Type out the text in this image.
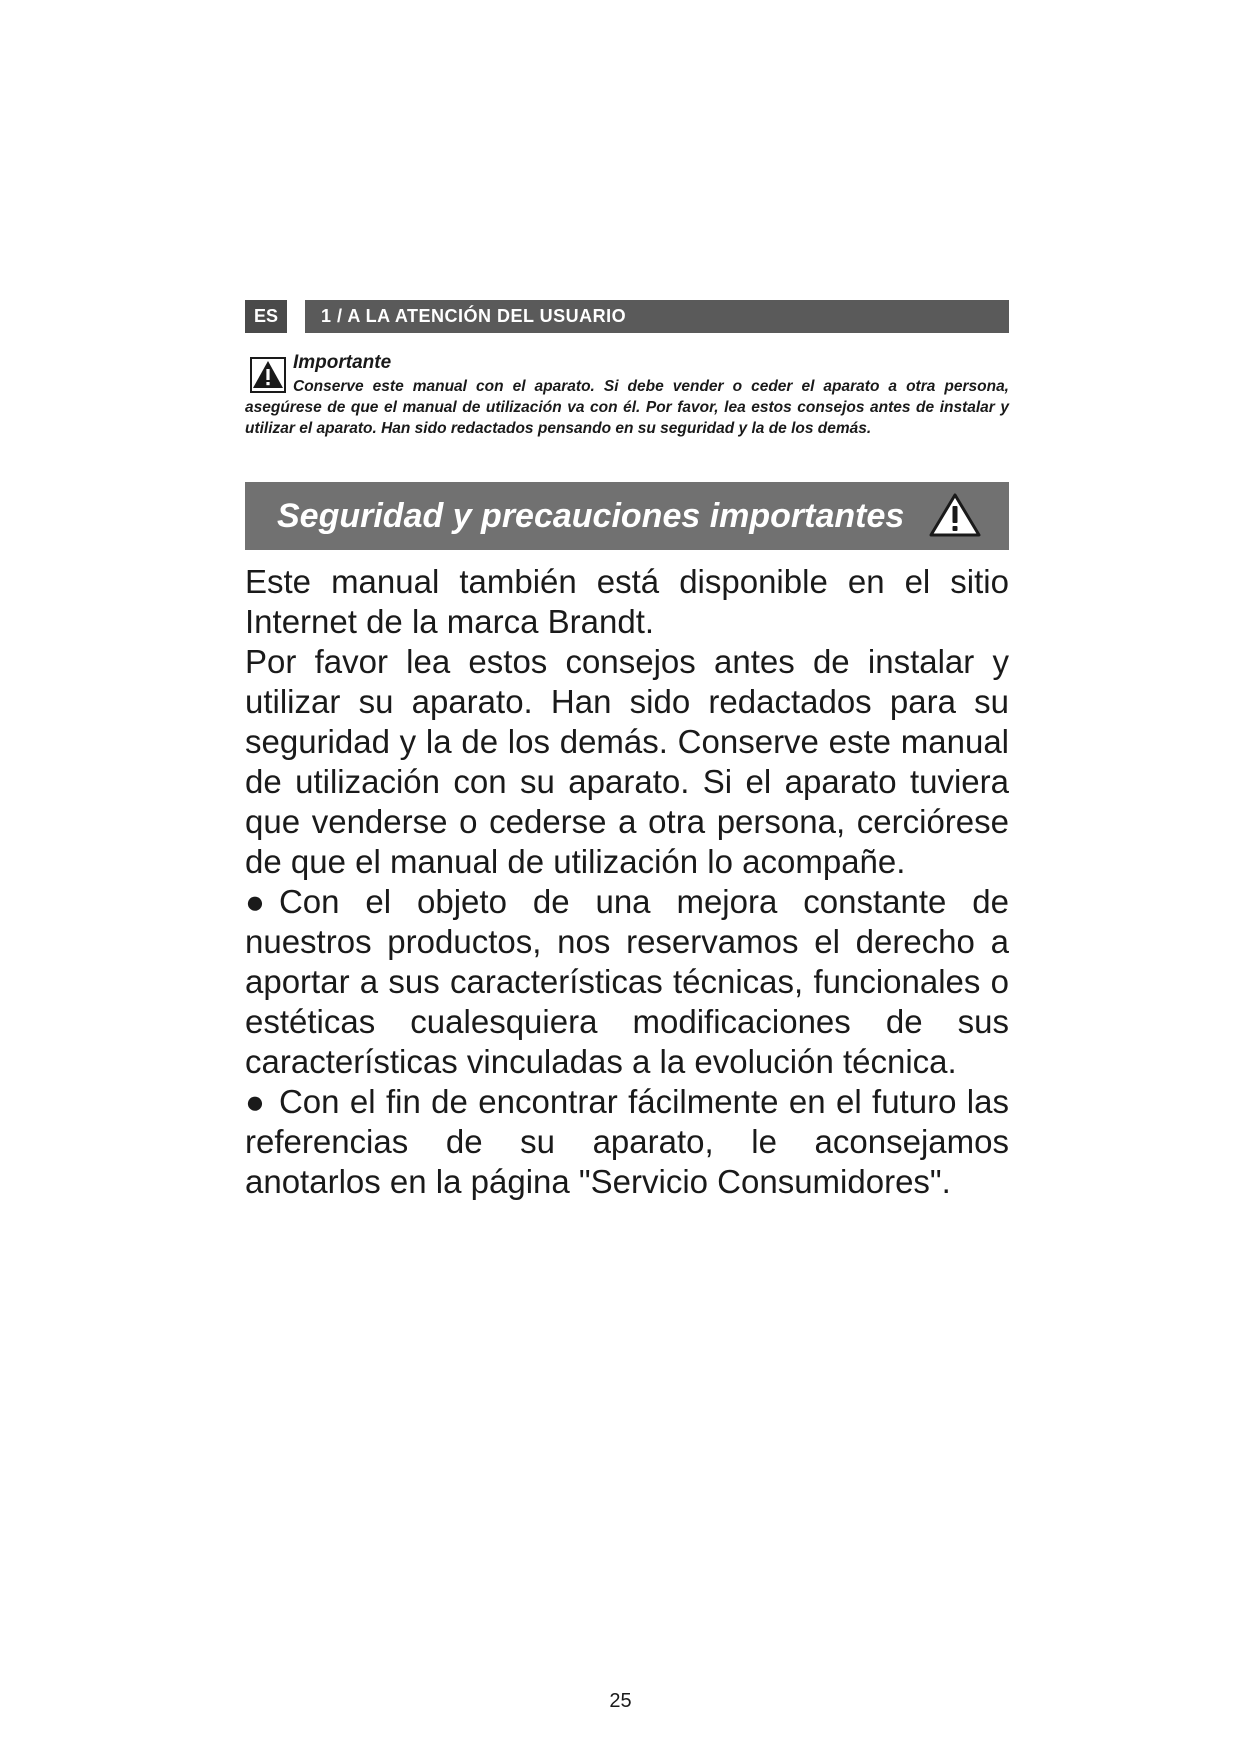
ES	1 / A LA ATENCIÓN DEL USUARIO
Importante
Conserve este manual con el aparato. Si debe vender o ceder el aparato a otra persona, asegúrese de que el manual de utilización va con él. Por favor, lea estos consejos antes de instalar y utilizar el aparato. Han sido redactados pensando en su seguridad y la de los demás.
Seguridad y precauciones importantes

Este manual también está disponible en el sitio Internet de la marca Brandt.

Por favor lea estos consejos antes de instalar y utilizar su aparato. Han sido redactados para su seguridad y la de los demás. Conserve este manual de utilización con su aparato. Si el aparato tuviera que venderse o cederse a otra persona, cerciórese de que el manual de utilización lo acompañe.

● Con el objeto de una mejora constante de nuestros productos, nos reservamos el derecho a aportar a sus características técnicas, funcionales o estéticas cualesquiera modificaciones de sus características vinculadas a la evolución técnica.

● Con el fin de encontrar fácilmente en el futuro las referencias de su aparato, le aconsejamos anotarlos en la página "Servicio Consumidores".

25
